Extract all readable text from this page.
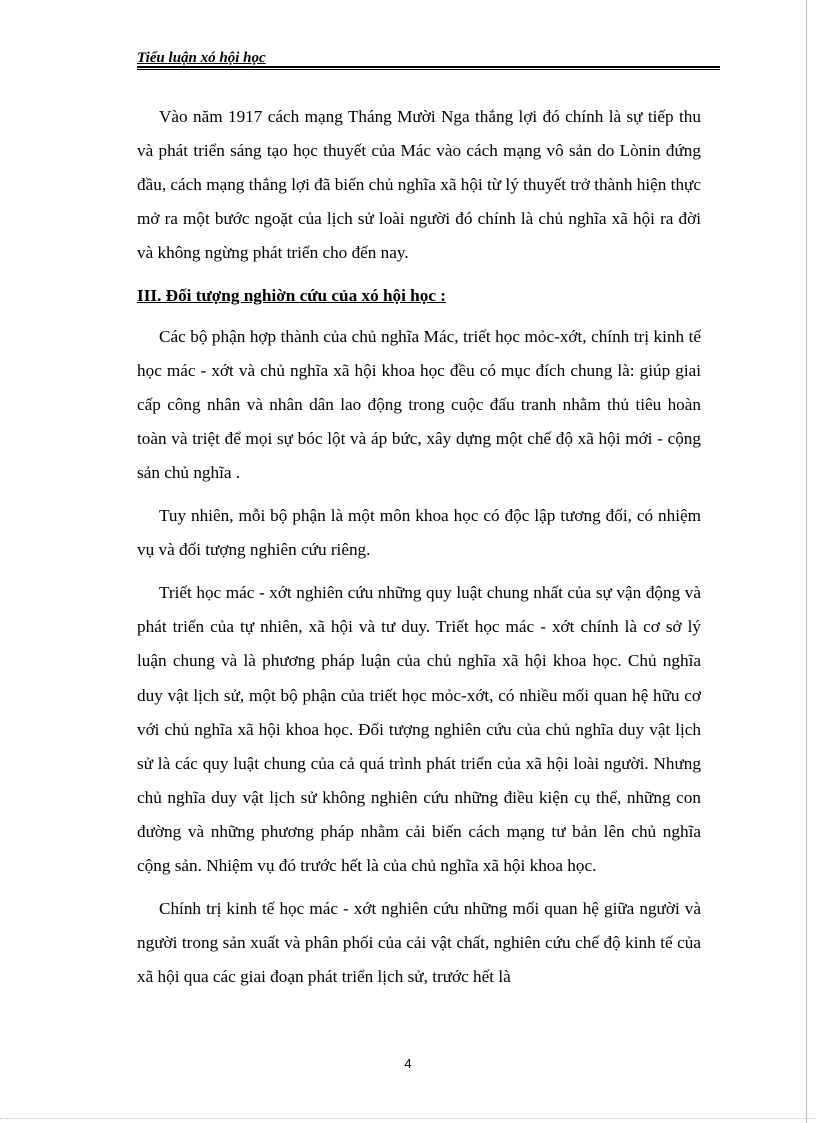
Tiểu luận xó hội học

Vào năm 1917 cách mạng Tháng Mười Nga thắng lợi đó chính là sự tiếp thu và phát triển sáng tạo học thuyết của Mác vào cách mạng vô sản do Lònin đứng đầu, cách mạng thắng lợi đã biến chủ nghĩa xã hội từ lý thuyết trở thành hiện thực mở ra một bước ngoặt của lịch sử loài người đó chính là chủ nghĩa xã hội ra đời và không ngừng phát triển cho đến nay.

III. Đối tượng nghiờn cứu của xó hội học :

Các bộ phận hợp thành của chủ nghĩa Mác, triết học mỏc-xớt, chính trị kinh tế học mác - xớt và chủ nghĩa xã hội khoa học đều có mục đích chung là: giúp giai cấp công nhân và nhân dân lao động trong cuộc đấu tranh nhằm thủ tiêu hoàn toàn và triệt để mọi sự bóc lột và áp bức, xây dựng một chế độ xã hội mới - cộng sản chủ nghĩa .

Tuy nhiên, mỗi bộ phận là một môn khoa học có độc lập tương đối, có nhiệm vụ và đối tượng nghiên cứu riêng.

Triết học mác - xớt nghiên cứu những quy luật chung nhất của sự vận động và phát triển của tự nhiên, xã hội và tư duy. Triết học mác - xớt chính là cơ sở lý luận chung và là phương pháp luận của chủ nghĩa xã hội khoa học. Chủ nghĩa duy vật lịch sử, một bộ phận của triết học mỏc-xớt, có nhiều mối quan hệ hữu cơ với chủ nghĩa xã hội khoa học. Đối tượng nghiên cứu của chủ nghĩa duy vật lịch sử là các quy luật chung của cả quá trình phát triển của xã hội loài người. Nhưng chủ nghĩa duy vật lịch sử không nghiên cứu những điều kiện cụ thể, những con đường và những phương pháp nhằm cải biến cách mạng tư bản lên chủ nghĩa cộng sản. Nhiệm vụ đó trước hết là của chủ nghĩa xã hội khoa học.

Chính trị kinh tế học mác - xớt nghiên cứu những mối quan hệ giữa người và người trong sản xuất và phân phối của cải vật chất, nghiên cứu chế độ kinh tế của xã hội qua các giai đoạn phát triển lịch sử, trước hết là

4
